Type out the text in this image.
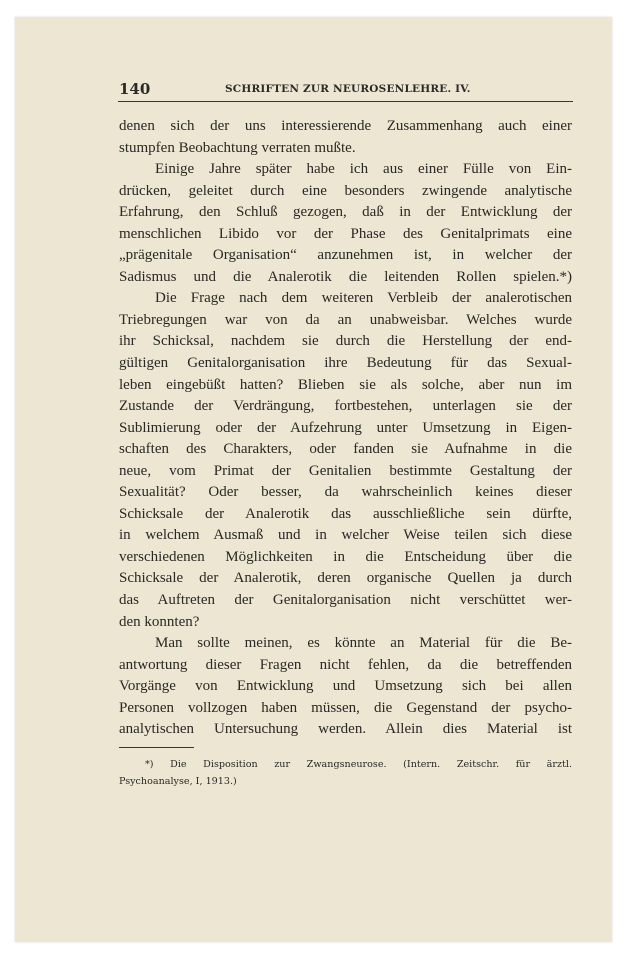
140	SCHRIFTEN ZUR NEUROSENLEHRE. IV.
denen sich der uns interessierende Zusammenhang auch einer
stumpfen Beobachtung verraten mußte.
Einige Jahre später habe ich aus einer Fülle von Ein-
drücken, geleitet durch eine besonders zwingende analytische
Erfahrung, den Schluß gezogen, daß in der Entwicklung der
menschlichen Libido vor der Phase des Genitalprimats eine
„prägenitale Organisation“ anzunehmen ist, in welcher der
Sadismus und die Analerotik die leitenden Rollen spielen.*)
Die Frage nach dem weiteren Verbleib der analerotischen
Triebregungen war von da an unabweisbar. Welches wurde
ihr Schicksal, nachdem sie durch die Herstellung der end-
gültigen Genitalorganisation ihre Bedeutung für das Sexual-
leben eingebüßt hatten? Blieben sie als solche, aber nun im
Zustande der Verdrängung, fortbestehen, unterlagen sie der
Sublimierung oder der Aufzehrung unter Umsetzung in Eigen-
schaften des Charakters, oder fanden sie Aufnahme in die
neue, vom Primat der Genitalien bestimmte Gestaltung der
Sexualität? Oder besser, da wahrscheinlich keines dieser
Schicksale der Analerotik das ausschließliche sein dürfte,
in welchem Ausmaß und in welcher Weise teilen sich diese
verschiedenen Möglichkeiten in die Entscheidung über die
Schicksale der Analerotik, deren organische Quellen ja durch
das Auftreten der Genitalorganisation nicht verschüttet wer-
den konnten?
Man sollte meinen, es könnte an Material für die Be-
antwortung dieser Fragen nicht fehlen, da die betreffenden
Vorgänge von Entwicklung und Umsetzung sich bei allen
Personen vollzogen haben müssen, die Gegenstand der psycho-
analytischen Untersuchung werden. Allein dies Material ist
*) Die Disposition zur Zwangsneurose. (Intern. Zeitschr. für ärztl.
Psychoanalyse, I, 1913.)
